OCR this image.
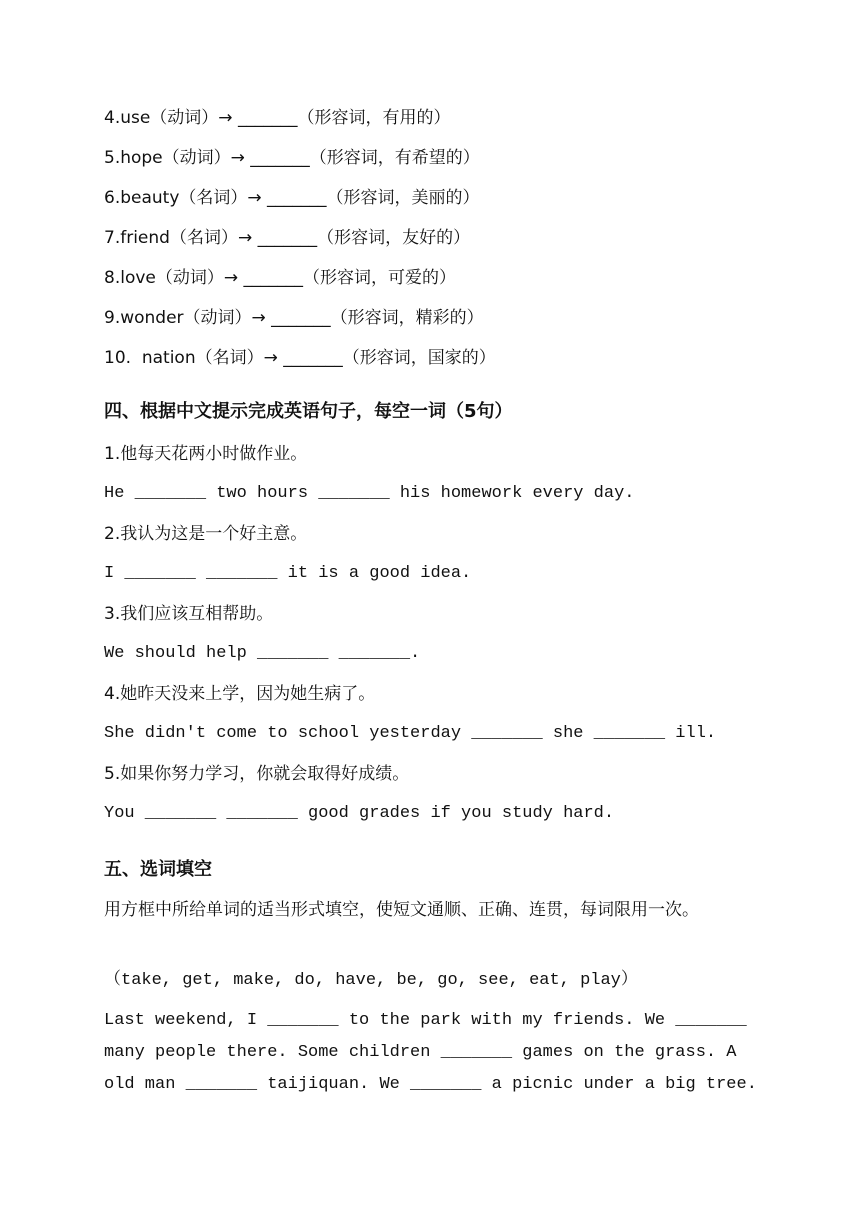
4.use（动词）→ _______（形容词，有用的）
5.hope（动词）→ _______（形容词，有希望的）
6.beauty（名词）→ _______（形容词，美丽的）
7.friend（名词）→ _______（形容词，友好的）
8.love（动词）→ _______（形容词，可爱的）
9.wonder（动词）→ _______（形容词，精彩的）
10.  nation（名词）→ _______（形容词，国家的）
四、根据中文提示完成英语句子，每空一词（5句）
1.他每天花两小时做作业。
He _______ two hours _______ his homework every day.
2.我认为这是一个好主意。
I _______ _______ it is a good idea.
3.我们应该互相帮助。
We should help _______ _______.
4.她昨天没来上学，因为她生病了。
She didn't come to school yesterday _______ she _______ ill.
5.如果你努力学习，你就会取得好成绩。
You _______ _______ good grades if you study hard.
五、选词填空
用方框中所给单词的适当形式填空，使短文通顺、正确、连贯，每词限用一次。
（take, get, make, do, have, be, go, see, eat, play）
Last weekend, I _______ to the park with my friends. We _______
many people there. Some children _______ games on the grass. A
old man _______ taijiquan. We _______ a picnic under a big tree.
